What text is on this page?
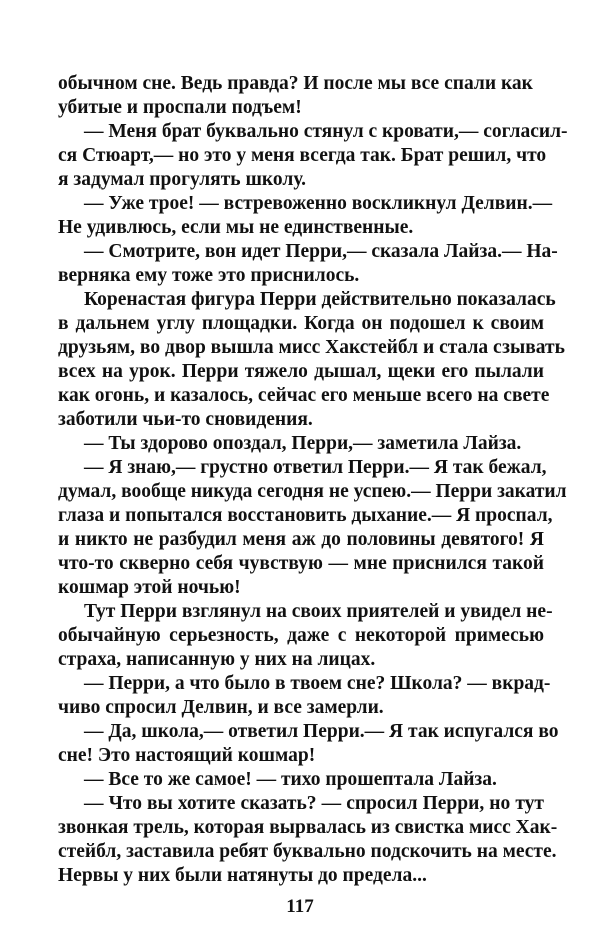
обычном сне. Ведь правда? И после мы все спали как
убитые и проспали подъем!
— Меня брат буквально стянул с кровати,— согласил-
ся Стюарт,— но это у меня всегда так. Брат решил, что
я задумал прогулять школу.
— Уже трое! — встревоженно воскликнул Делвин.—
Не удивлюсь, если мы не единственные.
— Смотрите, вон идет Перри,— сказала Лайза.— На-
верняка ему тоже это приснилось.
Коренастая фигура Перри действительно показалась
в дальнем углу площадки. Когда он подошел к своим
друзьям, во двор вышла мисс Хакстейбл и стала сзывать
всех на урок. Перри тяжело дышал, щеки его пылали
как огонь, и казалось, сейчас его меньше всего на свете
заботили чьи-то сновидения.
— Ты здорово опоздал, Перри,— заметила Лайза.
— Я знаю,— грустно ответил Перри.— Я так бежал,
думал, вообще никуда сегодня не успею.— Перри закатил
глаза и попытался восстановить дыхание.— Я проспал,
и никто не разбудил меня аж до половины девятого! Я
что-то скверно себя чувствую — мне приснился такой
кошмар этой ночью!
Тут Перри взглянул на своих приятелей и увидел не-
обычайную серьезность, даже с некоторой примесью
страха, написанную у них на лицах.
— Перри, а что было в твоем сне? Школа? — вкрад-
чиво спросил Делвин, и все замерли.
— Да, школа,— ответил Перри.— Я так испугался во
сне! Это настоящий кошмар!
— Все то же самое! — тихо прошептала Лайза.
— Что вы хотите сказать? — спросил Перри, но тут
звонкая трель, которая вырвалась из свистка мисс Хак-
стейбл, заставила ребят буквально подскочить на месте.
Нервы у них были натянуты до предела...
117
